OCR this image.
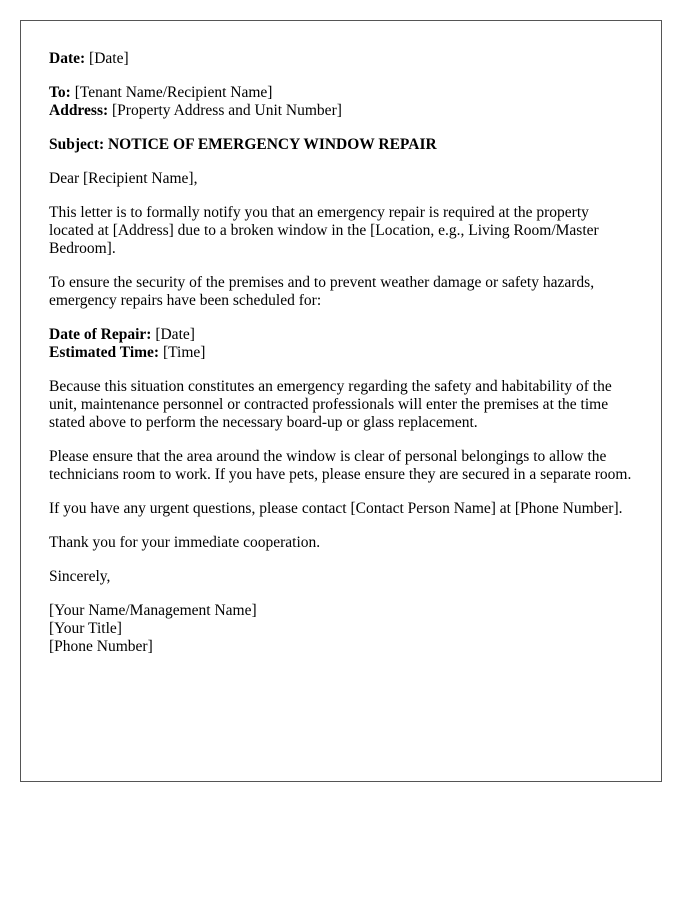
Date: [Date]
To: [Tenant Name/Recipient Name]
Address: [Property Address and Unit Number]
Subject: NOTICE OF EMERGENCY WINDOW REPAIR

Dear [Recipient Name],

This letter is to formally notify you that an emergency repair is required at the property located at [Address] due to a broken window in the [Location, e.g., Living Room/Master Bedroom].

To ensure the security of the premises and to prevent weather damage or safety hazards, emergency repairs have been scheduled for:

Date of Repair: [Date]
Estimated Time: [Time]

Because this situation constitutes an emergency regarding the safety and habitability of the unit, maintenance personnel or contracted professionals will enter the premises at the time stated above to perform the necessary board-up or glass replacement.

Please ensure that the area around the window is clear of personal belongings to allow the technicians room to work. If you have pets, please ensure they are secured in a separate room.

If you have any urgent questions, please contact [Contact Person Name] at [Phone Number].

Thank you for your immediate cooperation.

Sincerely,

[Your Name/Management Name]
[Your Title]
[Phone Number]
